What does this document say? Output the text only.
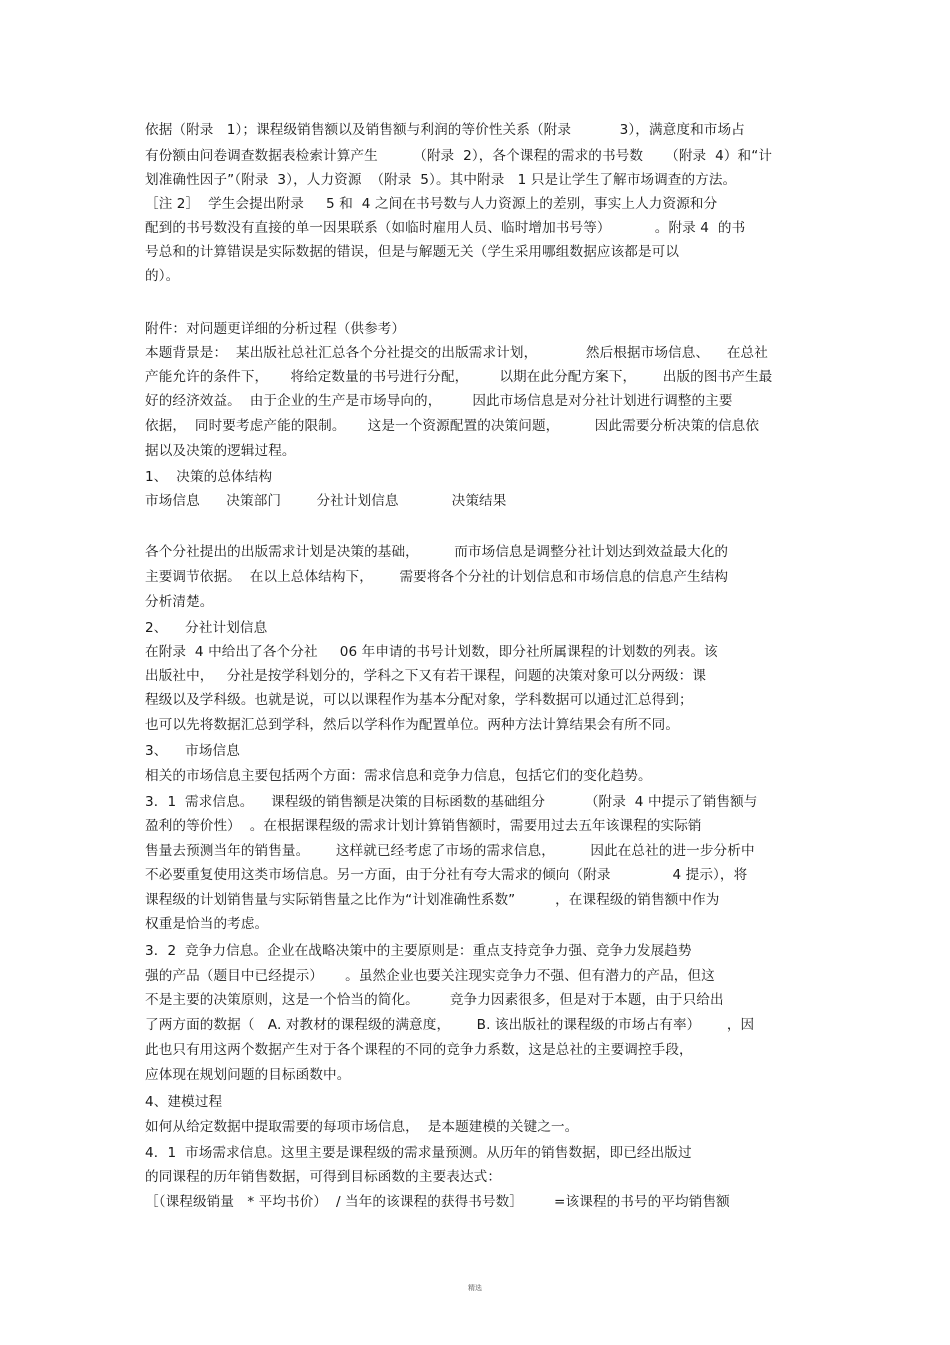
依据（附录   1）；课程级销售额以及销售额与利润的等价性关系（附录           3），满意度和市场占
有份额由问卷调查数据表检索计算产生        （附录  2），各个课程的需求的书号数     （附录  4）和“计
划准确性因子”（附录  3），人力资源  （附录  5）。其中附录   1 只是让学生了解市场调查的方法。
［注 2］  学生会提出附录     5 和  4 之间在书号数与人力资源上的差别，事实上人力资源和分
配到的书号数没有直接的单一因果联系（如临时雇用人员、临时增加书号等）          。附录 4  的书
号总和的计算错误是实际数据的错误，但是与解题无关（学生采用哪组数据应该都是可以
的）。
附件：对问题更详细的分析过程（供参考）
本题背景是：  某出版社总社汇总各个分社提交的出版需求计划，           然后根据市场信息、    在总社
产能允许的条件下，     将给定数量的书号进行分配，       以期在此分配方案下，      出版的图书产生最
好的经济效益。  由于企业的生产是市场导向的，       因此市场信息是对分社计划进行调整的主要
依据，  同时要考虑产能的限制。     这是一个资源配置的决策问题，        因此需要分析决策的信息依
据以及决策的逻辑过程。
1、  决策的总体结构
市场信息      决策部门        分社计划信息            决策结果
各个分社提出的出版需求计划是决策的基础，        而市场信息是调整分社计划达到效益最大化的
主要调节依据。  在以上总体结构下，      需要将各个分社的计划信息和市场信息的信息产生结构
分析清楚。
2、    分社计划信息
在附录  4 中给出了各个分社     06 年申请的书号计划数，即分社所属课程的计划数的列表。该
出版社中，   分社是按学科划分的，学科之下又有若干课程，问题的决策对象可以分两级：课
程级以及学科级。也就是说，可以以课程作为基本分配对象，学科数据可以通过汇总得到；
也可以先将数据汇总到学科，然后以学科作为配置单位。两种方法计算结果会有所不同。
3、    市场信息
相关的市场信息主要包括两个方面：需求信息和竞争力信息，包括它们的变化趋势。
3．1  需求信息。    课程级的销售额是决策的目标函数的基础组分         （附录  4 中提示了销售额与
盈利的等价性）  。在根据课程级的需求计划计算销售额时，需要用过去五年该课程的实际销
售量去预测当年的销售量。      这样就已经考虑了市场的需求信息，        因此在总社的进一步分析中
不必要重复使用这类市场信息。另一方面，由于分社有夸大需求的倾向（附录              4 提示），将
课程级的计划销售量与实际销售量之比作为“计划准确性系数”         ，在课程级的销售额中作为
权重是恰当的考虑。
3．2  竞争力信息。企业在战略决策中的主要原则是：重点支持竞争力强、竞争力发展趋势
强的产品（题目中已经提示）     。虽然企业也要关注现实竞争力不强、但有潜力的产品，但这
不是主要的决策原则，这是一个恰当的简化。       竞争力因素很多，但是对于本题，由于只给出
了两方面的数据（   A. 对教材的课程级的满意度，      B. 该出版社的课程级的市场占有率）      ，因
此也只有用这两个数据产生对于各个课程的不同的竞争力系数，这是总社的主要调控手段，
应体现在规划问题的目标函数中。
4、建模过程
如何从给定数据中提取需要的每项市场信息，  是本题建模的关键之一。
4．1  市场需求信息。这里主要是课程级的需求量预测。从历年的销售数据，即已经出版过
的同课程的历年销售数据，可得到目标函数的主要表达式：
［（课程级销量   * 平均书价）  / 当年的该课程的获得书号数］       =该课程的书号的平均销售额
精选
